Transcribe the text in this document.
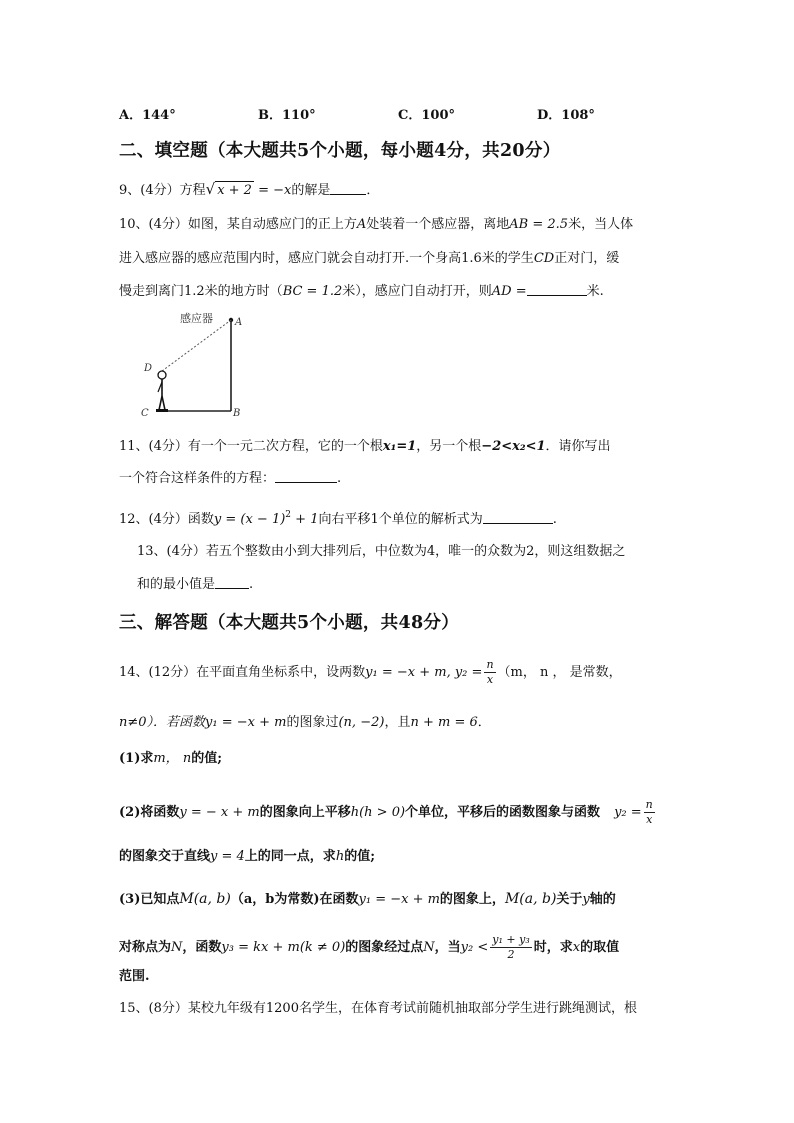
A．144°	B．110°	C．100°	D．108°
二、填空题（本大题共5个小题，每小题4分，共20分）
9、(4分）方程√ x + 2 = −x的解是	．
10、(4分）如图，某自动感应门的正上方A处装着一个感应器，离地AB = 2.5米，当人体
进入感应器的感应范围内时，感应门就会自动打开.一个身高1.6米的学生CD正对门，缓
慢走到离门1.2米的地方时（BC = 1.2米），感应门自动打开，则AD =	米.
感应器 A
D
C	B
11、(4分）有一个一元二次方程，它的一个根x₁=1，另一个根−2<x₂<1．请你写出
一个符合这样条件的方程：	.
12、(4分）函数$y = (x - 1)^2 + 1$向右平移1个单位的解析式为	.
13、(4分）若五个整数由小到大排列后，中位数为4，唯一的众数为2，则这组数据之
和的最小值是	.
三、解答题（本大题共5个小题，共48分）
14、(12分）在平面直角坐标系中，设两数y₁ = −x + m, $y_2 = \frac{n}{x} (m$， n ， 是常数，
n≠0）．若函数y₁ = −x + m的图象过(n, −2)，且n + m = 6．
(1)求m， n的值;
(2)将函数y = − x + m的图象向上平移h(h > 0)个单位，平移后的函数图象与函数 $y_2 = \frac{n}{x}$
的图象交于直线y = 4上的同一点，求h的值;
(3)已知点M(a, b)（a，b为常数)在函数y₁ = −x + m的图象上，M(a, b)关于y轴的
对称点为N，函数y₃ = kx + m(k ≠ 0)的图象经过点N，当$y_2 < \frac{\text{y₁ + y₃}}{2}$ 时，求x的取值
范围.
15、(8分）某校九年级有1200名学生，在体育考试前随机抽取部分学生进行跳绳测试，根
